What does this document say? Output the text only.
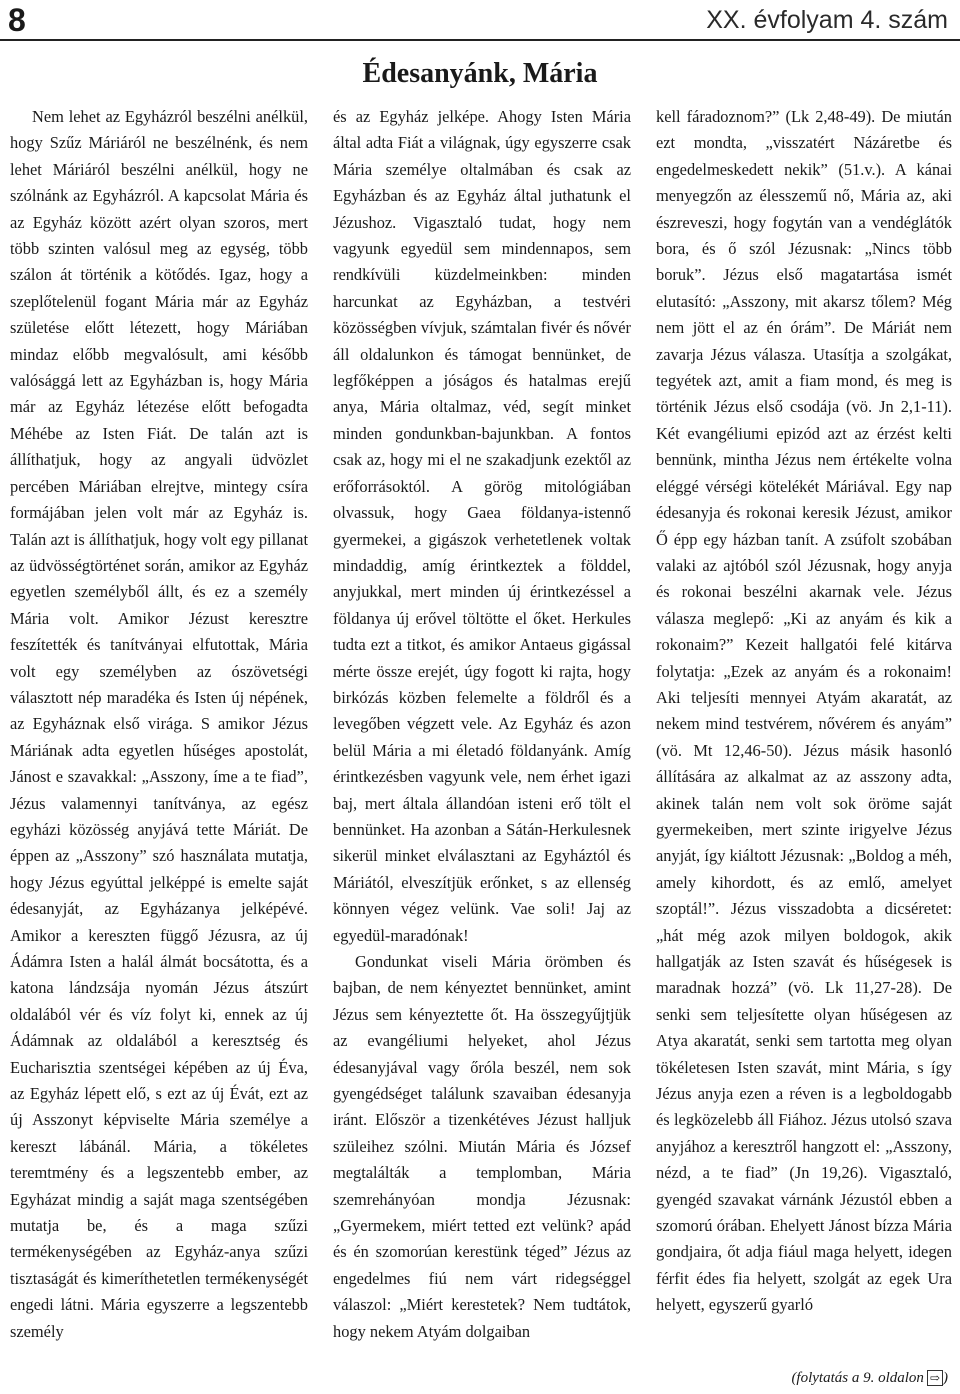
8	XX. évfolyam 4. szám
Édesanyánk, Mária

Nem lehet az Egyházról beszélni anélkül, hogy Szűz Máriáról ne beszélnénk, és nem lehet Máriáról beszélni anélkül, hogy ne szólnánk az Egyházról. A kapcsolat Mária és az Egyház között azért olyan szoros, mert több szinten valósul meg az egység, több szálon át történik a kötődés. Igaz, hogy a szeplőtelenül fogant Mária már az Egyház születése előtt létezett, hogy Máriában mindaz előbb megvalósult, ami később valósággá lett az Egyházban is, hogy Mária már az Egyház létezése előtt befogadta Méhébe az Isten Fiát. De talán azt is állíthatjuk, hogy az angyali üdvözlet percében Máriában elrejtve, mintegy csíra formájában jelen volt már az Egyház is. Talán azt is állíthatjuk, hogy volt egy pillanat az üdvösségtörténet során, amikor az Egyház egyetlen személyből állt, és ez a személy Mária volt. Amikor Jézust keresztre feszítették és tanítványai elfutottak, Mária volt egy személyben az ószövetségi választott nép maradéka és Isten új népének, az Egyháznak első virága. S amikor Jézus Máriának adta egyetlen hűséges apostolát, Jánost e szavakkal: „Asszony, íme a te fiad”, Jézus valamennyi tanítványa, az egész egyházi közösség anyjává tette Máriát. De éppen az „Asszony” szó használata mutatja, hogy Jézus egyúttal jelképpé is emelte saját édesanyját, az Egyházanya jelképévé. Amikor a kereszten függő Jézusra, az új Ádámra Isten a halál álmát bocsátotta, és a katona lándzsája nyomán Jézus átszúrt oldalából vér és víz folyt ki, ennek az új Ádámnak az oldalából a keresztség és Eucharisztia szentségei képében az új Éva, az Egyház lépett elő, s ezt az új Évát, ezt az új Asszonyt képviselte Mária személye a kereszt lábánál. Mária, a tökéletes teremtmény és a legszentebb ember, az Egyházat mindig a saját maga szentségében mutatja be, és a maga szűzi termékenységében az Egyház-anya szűzi tisztaságát és kimeríthetetlen termékenységét engedi látni. Mária egyszerre a legszentebb személy

és az Egyház jelképe. Ahogy Isten Mária által adta Fiát a világnak, úgy egyszerre csak Mária személye oltalmában és csak az Egyházban és az Egyház által juthatunk el Jézushoz. Vigasztaló tudat, hogy nem vagyunk egyedül sem mindennapos, sem rendkívüli küzdelmeinkben: minden harcunkat az Egyházban, a testvéri közösségben vívjuk, számtalan fivér és nővér áll oldalunkon és támogat bennünket, de legfőképpen a jóságos és hatalmas erejű anya, Mária oltalmaz, véd, segít minket minden gondunkban-bajunkban. A fontos csak az, hogy mi el ne szakadjunk ezektől az erőforrásoktól. A görög mitológiában olvassuk, hogy Gaea földanya-istennő gyermekei, a gigászok verhetetlenek voltak mindaddig, amíg érintkeztek a földdel, anyjukkal, mert minden új érintkezéssel a földanya új erővel töltötte el őket. Herkules tudta ezt a titkot, és amikor Antaeus gigással mérte össze erejét, úgy fogott ki rajta, hogy birkózás közben felemelte a földről és a levegőben végzett vele. Az Egyház és azon belül Mária a mi életadó földanyánk. Amíg érintkezésben vagyunk vele, nem érhet igazi baj, mert általa állandóan isteni erő tölt el bennünket. Ha azonban a Sátán-Herkulesnek sikerül minket elválasztani az Egyháztól és Máriától, elveszítjük erőnket, s az ellenség könnyen végez velünk. Vae soli! Jaj az egyedül-maradónak!

Gondunkat viseli Mária örömben és bajban, de nem kényeztet bennünket, amint Jézus sem kényeztette őt. Ha összegyűjtjük az evangéliumi helyeket, ahol Jézus édesanyjával vagy őróla beszél, nem sok gyengédséget találunk szavaiban édesanyja iránt. Először a tizenkétéves Jézust halljuk szüleihez szólni. Miután Mária és József megtalálták a templomban, Mária szemrehányóan mondja Jézusnak: „Gyermekem, miért tetted ezt velünk? apád és én szomorúan kerestünk téged” Jézus az engedelmes fiú nem várt ridegséggel válaszol: „Miért kerestetek? Nem tudtátok, hogy nekem Atyám dolgaiban

kell fáradoznom?” (Lk 2,48-49). De miután ezt mondta, „visszatért Názáretbe és engedelmeskedett nekik” (51.v.). A kánai menyegzőn az élesszemű nő, Mária az, aki észreveszi, hogy fogytán van a vendéglátók bora, és ő szól Jézusnak: „Nincs több boruk”. Jézus első magatartása ismét elutasító: „Asszony, mit akarsz tőlem? Még nem jött el az én órám”. De Máriát nem zavarja Jézus válasza. Utasítja a szolgákat, tegyétek azt, amit a fiam mond, és meg is történik Jézus első csodája (vö. Jn 2,1-11). Két evangéliumi epizód azt az érzést kelti bennünk, mintha Jézus nem értékelte volna eléggé vérségi kötelékét Máriával. Egy nap édesanyja és rokonai keresik Jézust, amikor Ő épp egy házban tanít. A zsúfolt szobában valaki az ajtóból szól Jézusnak, hogy anyja és rokonai beszélni akarnak vele. Jézus válasza meglepő: „Ki az anyám és kik a rokonaim?” Kezeit hallgatói felé kitárva folytatja: „Ezek az anyám és a rokonaim! Aki teljesíti mennyei Atyám akaratát, az nekem mind testvérem, nővérem és anyám” (vö. Mt 12,46-50). Jézus másik hasonló állítására az alkalmat az az asszony adta, akinek talán nem volt sok öröme saját gyermekeiben, mert szinte irigyelve Jézus anyját, így kiáltott Jézusnak: „Boldog a méh, amely kihordott, és az emlő, amelyet szoptál!”. Jézus visszadobta a dicséretet: „hát még azok milyen boldogok, akik hallgatják az Isten szavát és hűségesek is maradnak hozzá” (vö. Lk 11,27-28). De senki sem teljesítette olyan hűségesen az Atya akaratát, senki sem tartotta meg olyan tökéletesen Isten szavát, mint Mária, s így Jézus anyja ezen a réven is a legboldogabb és legközelebb áll Fiához. Jézus utolsó szava anyjához a keresztről hangzott el: „Asszony, nézd, a te fiad” (Jn 19,26). Vigasztaló, gyengéd szavakat várnánk Jézustól ebben a szomorú órában. Ehelyett Jánost bízza Mária gondjaira, őt adja fiául maga helyett, idegen férfit édes fia helyett, szolgát az egek Ura helyett, egyszerű gyarló

(folytatás a 9. oldalon ⇨ )
